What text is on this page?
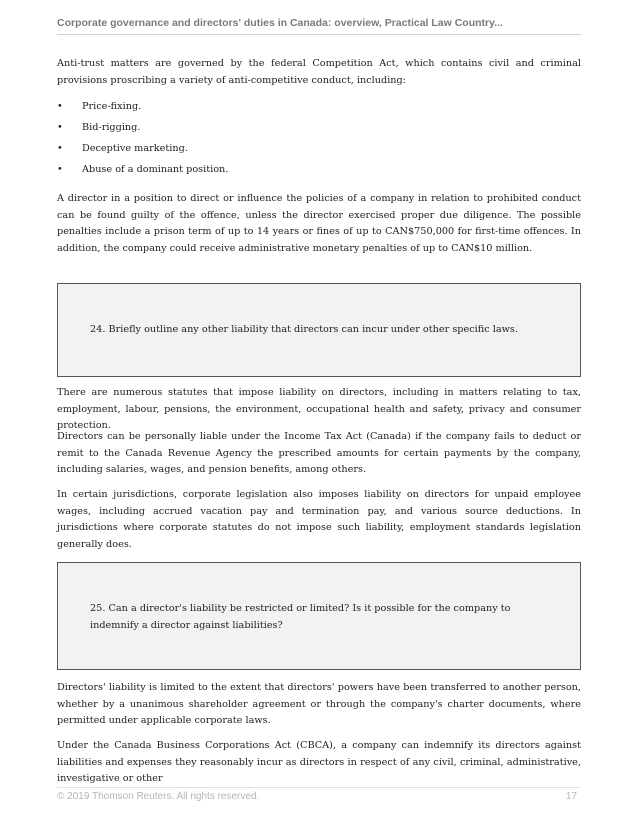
Corporate governance and directors' duties in Canada: overview, Practical Law Country...

Anti-trust matters are governed by the federal Competition Act, which contains civil and criminal provisions proscribing a variety of anti-competitive conduct, including:

• Price-fixing.
• Bid-rigging.
• Deceptive marketing.
• Abuse of a dominant position.

A director in a position to direct or influence the policies of a company in relation to prohibited conduct can be found guilty of the offence, unless the director exercised proper due diligence. The possible penalties include a prison term of up to 14 years or fines of up to CAN$750,000 for first-time offences. In addition, the company could receive administrative monetary penalties of up to CAN$10 million.

24. Briefly outline any other liability that directors can incur under other specific laws.

There are numerous statutes that impose liability on directors, including in matters relating to tax, employment, labour, pensions, the environment, occupational health and safety, privacy and consumer protection.

Directors can be personally liable under the Income Tax Act (Canada) if the company fails to deduct or remit to the Canada Revenue Agency the prescribed amounts for certain payments by the company, including salaries, wages, and pension benefits, among others.

In certain jurisdictions, corporate legislation also imposes liability on directors for unpaid employee wages, including accrued vacation pay and termination pay, and various source deductions. In jurisdictions where corporate statutes do not impose such liability, employment standards legislation generally does.

25. Can a director's liability be restricted or limited? Is it possible for the company to indemnify a director against liabilities?

Directors' liability is limited to the extent that directors' powers have been transferred to another person, whether by a unanimous shareholder agreement or through the company's charter documents, where permitted under applicable corporate laws.

Under the Canada Business Corporations Act (CBCA), a company can indemnify its directors against liabilities and expenses they reasonably incur as directors in respect of any civil, criminal, administrative, investigative or other

© 2019 Thomson Reuters. All rights reserved.	17
